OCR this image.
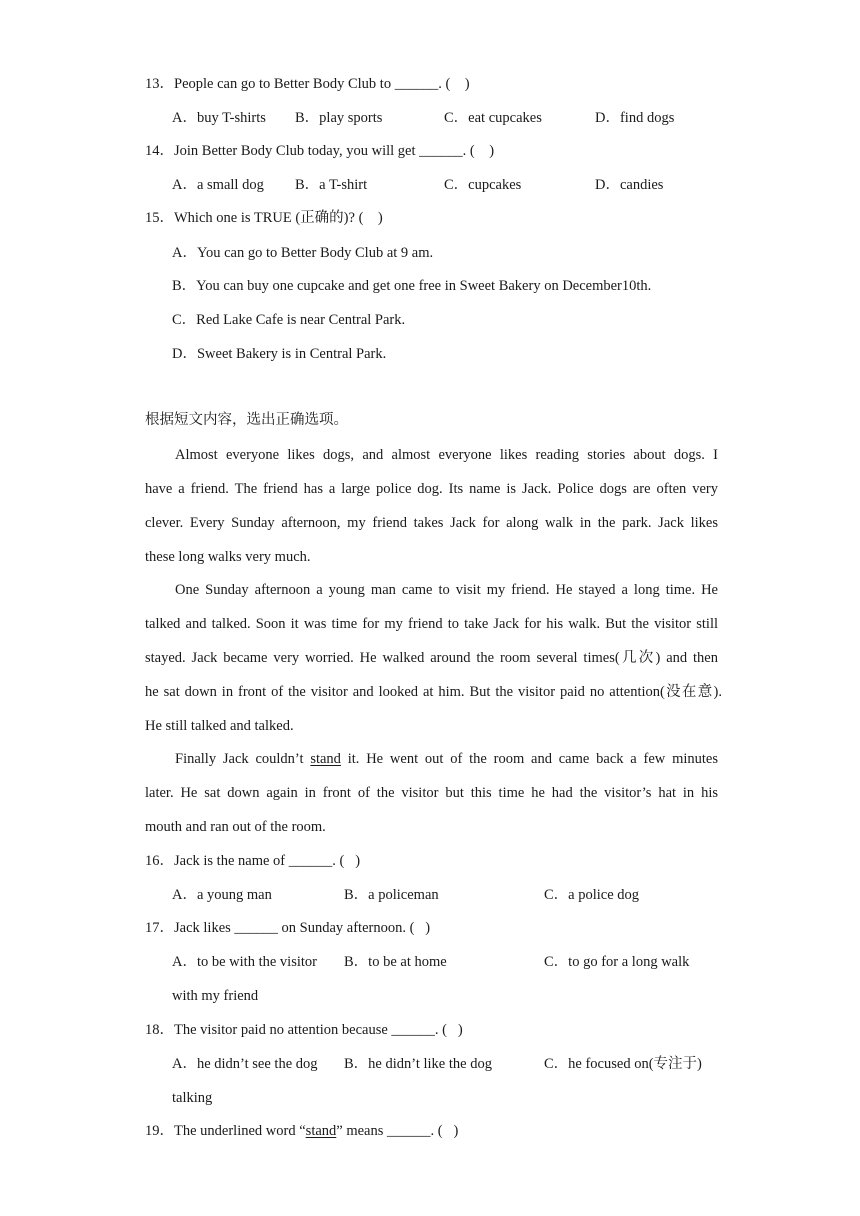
13．People can go to Better Body Club to ______. (    )
A．buy T-shirts B．play sports	C．eat cupcakes	D．find dogs
14．Join Better Body Club today, you will get ______. (    )
A．a small dog B．a T-shirt	C．cupcakes	D．candies
15．Which one is TRUE (正确的)? (    )
A．You can go to Better Body Club at 9 am.
B．You can buy one cupcake and get one free in Sweet Bakery on December10th.
C．Red Lake Cafe is near Central Park.
D．Sweet Bakery is in Central Park.
根据短文内容，选出正确选项。
Almost everyone likes dogs, and almost everyone likes reading stories about dogs. I
have a friend. The friend has a large police dog. Its name is Jack. Police dogs are often very
clever. Every Sunday afternoon, my friend takes Jack for along walk in the park. Jack likes
these long walks very much.
One Sunday afternoon a young man came to visit my friend. He stayed a long time. He
talked and talked. Soon it was time for my friend to take Jack for his walk. But the visitor still
stayed. Jack became very worried. He walked around the room several times(几次) and then
he sat down in front of the visitor and looked at him. But the visitor paid no attention(没在意).
He still talked and talked.
Finally Jack couldn’t stand it. He went out of the room and came back a few minutes
later. He sat down again in front of the visitor but this time he had the visitor’s hat in his
mouth and ran out of the room.
16．Jack is the name of ______. (   )
A．a young man	B．a policeman	C．a police dog
17．Jack likes ______ on Sunday afternoon. (   )
A．to be with the visitor B．to be at home	C．to go for a long walk
with my friend
18．The visitor paid no attention because ______. (   )
A．he didn’t see the dog B．he didn’t like the dog	C．he focused on(专注于)
talking
19．The underlined word “stand” means ______. (   )
